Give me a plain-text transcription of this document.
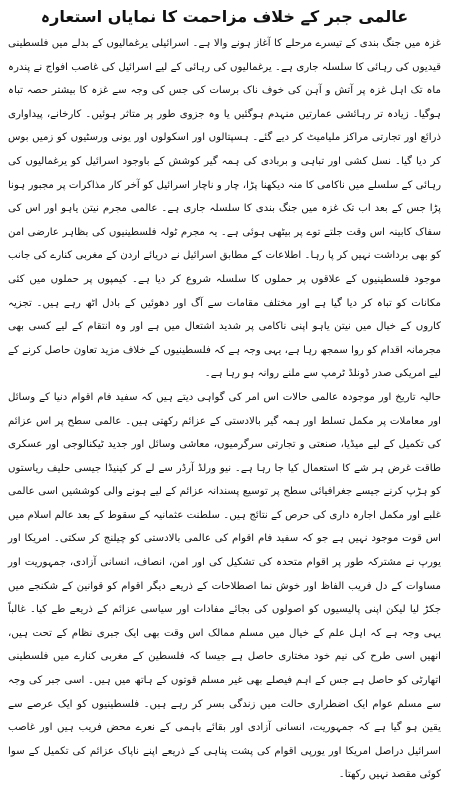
عالمی جبر کے خلاف مزاحمت کا نمایاں استعارہ

غزہ میں جنگ بندی کے تیسرے مرحلے کا آغاز ہونے والا ہے۔ اسرائیلی یرغمالیوں کے بدلے میں فلسطینی قیدیوں کی رہائی کا سلسلہ جاری ہے۔ یرغمالیوں کی رہائی کے لیے اسرائیل کی غاصب افواج نے پندرہ ماہ تک اہل غزہ پر آتش و آہن کی خوف ناک برسات کی جس کی وجہ سے غزہ کا بیشتر حصہ تباہ ہوگیا۔ زیادہ تر رہائشی عمارتیں منہدم ہوگئیں یا وہ جزوی طور پر متاثر ہوئیں۔ کارخانے، پیداواری ذرائع اور تجارتی مراکز ملیامیٹ کر دیے گئے۔ ہسپتالوں اور اسکولوں اور یونی ورسٹیوں کو زمیں بوس کر دیا گیا۔ نسل کشی اور تباہی و بربادی کی ہمہ گیر کوشش کے باوجود اسرائیل کو یرغمالیوں کی رہائی کے سلسلے میں ناکامی کا منہ دیکھنا پڑا، چار و ناچار اسرائیل کو آخر کار مذاکرات پر مجبور ہونا پڑا جس کے بعد اب تک غزہ میں جنگ بندی کا سلسلہ جاری ہے۔ عالمی مجرم نیتن یاہو اور اس کی سفاک کابینہ اس وقت جلتے توے پر بیٹھی ہوئی ہے۔ یہ مجرم ٹولہ فلسطینیوں کی بظاہر عارضی امن کو بھی برداشت نہیں کر پا رہا۔ اطلاعات کے مطابق اسرائیل نے دریائے اردن کے مغربی کنارے کی جانب موجود فلسطینیوں کے علاقوں پر حملوں کا سلسلہ شروع کر دیا ہے۔ کیمپوں پر حملوں میں کئی مکانات کو تباہ کر دیا گیا ہے اور مختلف مقامات سے آگ اور دھوئیں کے بادل اٹھ رہے ہیں۔ تجزیہ کاروں کے خیال میں نیتن یاہو اپنی ناکامی پر شدید اشتعال میں ہے اور وہ انتقام کے لیے کسی بھی مجرمانہ اقدام کو روا سمجھ رہا ہے، یہی وجہ ہے کہ فلسطینیوں کے خلاف مزید تعاون حاصل کرنے کے لیے امریکی صدر ڈونلڈ ٹرمپ سے ملنے روانہ ہو رہا ہے۔

حالیہ تاریخ اور موجودہ عالمی حالات اس امر کی گواہی دیتے ہیں کہ سفید فام اقوام دنیا کے وسائل اور معاملات پر مکمل تسلط اور ہمہ گیر بالادستی کے عزائم رکھتی ہیں۔ عالمی سطح پر اس عزائم کی تکمیل کے لیے میڈیا، صنعتی و تجارتی سرگرمیوں، معاشی وسائل اور جدید ٹیکنالوجی اور عسکری طاقت غرض ہر شے کا استعمال کیا جا رہا ہے۔ نیو ورلڈ آرڈر سے لے کر کینیڈا جیسی حلیف ریاستوں کو ہڑپ کرنے جیسے جغرافیائی سطح پر توسیع پسندانہ عزائم کے لیے ہونے والی کوششیں اسی عالمی غلبے اور مکمل اجارہ داری کی حرص کے نتائج ہیں۔ سلطنت عثمانیہ کے سقوط کے بعد عالم اسلام میں اس قوت موجود نہیں ہے جو کہ سفید فام اقوام کی عالمی بالادستی کو چیلنج کر سکتی۔ امریکا اور یورپ نے مشترکہ طور پر اقوام متحدہ کی تشکیل کی اور امن، انصاف، انسانی آزادی، جمہوریت اور مساوات کے دل فریب الفاظ اور خوش نما اصطلاحات کے ذریعے دیگر اقوام کو قوانین کے شکنجے میں جکڑ لیا لیکن اپنی پالیسیوں کو اصولوں کی بجائے مفادات اور سیاسی عزائم کے ذریعے طے کیا۔ غالباً یہی وجہ ہے کہ اہل علم کے خیال میں مسلم ممالک اس وقت بھی ایک جبری نظام کے تحت ہیں، انھیں اسی طرح کی نیم خود مختاری حاصل ہے جیسا کہ فلسطین کے مغربی کنارے میں فلسطینی اتھارٹی کو حاصل ہے جس کے اہم فیصلے بھی غیر مسلم قوتوں کے ہاتھ میں ہیں۔ اسی جبر کی وجہ سے مسلم عوام ایک اضطراری حالت میں زندگی بسر کر رہے ہیں۔ فلسطینیوں کو ایک عرصے سے یقین ہو گیا ہے کہ جمہوریت، انسانی آزادی اور بقائے باہمی کے نعرے محض فریب ہیں اور غاصب اسرائیل دراصل امریکا اور یورپی اقوام کی پشت پناہی کے ذریعے اپنے ناپاک عزائم کی تکمیل کے سوا کوئی مقصد نہیں رکھتا۔
